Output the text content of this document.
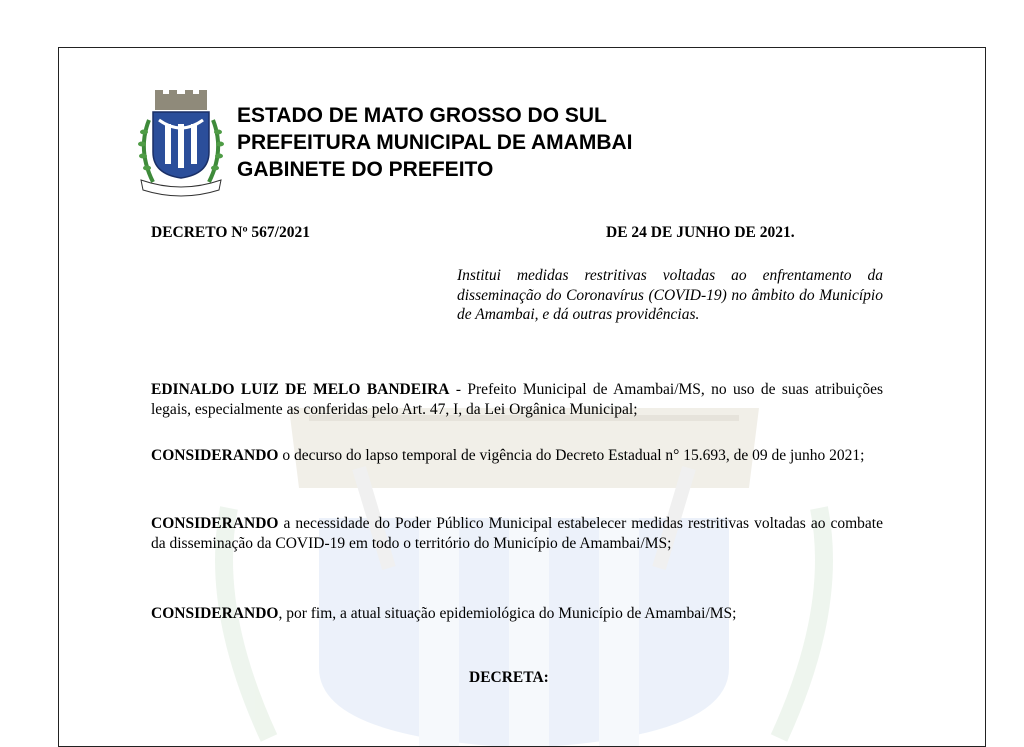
ESTADO DE MATO GROSSO DO SUL
PREFEITURA MUNICIPAL DE AMAMBAI
GABINETE DO PREFEITO
DECRETO Nº 567/2021	DE 24 DE JUNHO DE 2021.
Institui medidas restritivas voltadas ao enfrentamento da disseminação do Coronavírus (COVID-19) no âmbito do Município de Amambai, e dá outras providências.
EDINALDO LUIZ DE MELO BANDEIRA - Prefeito Municipal de Amambai/MS, no uso de suas atribuições legais, especialmente as conferidas pelo Art. 47, I, da Lei Orgânica Municipal;
CONSIDERANDO o decurso do lapso temporal de vigência do Decreto Estadual n° 15.693, de 09 de junho 2021;
CONSIDERANDO a necessidade do Poder Público Municipal estabelecer medidas restritivas voltadas ao combate da disseminação da COVID-19 em todo o território do Município de Amambai/MS;
CONSIDERANDO, por fim, a atual situação epidemiológica do Município de Amambai/MS;
DECRETA:
